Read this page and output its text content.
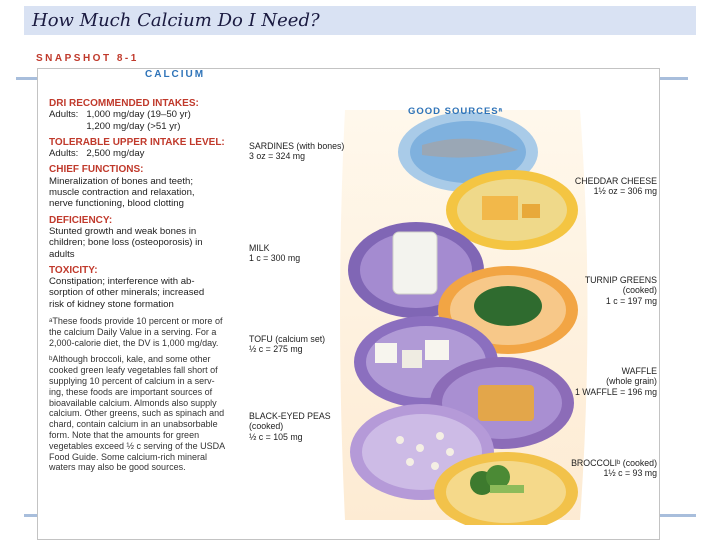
How Much Calcium Do I Need?
SNAPSHOT 8-1
CALCIUM
DRI RECOMMENDED INTAKES:
Adults:   1,000 mg/day (19–50 yr)
1,200 mg/day (>51 yr)
TOLERABLE UPPER INTAKE LEVEL:
Adults:   2,500 mg/day
CHIEF FUNCTIONS:
Mineralization of bones and teeth;
muscle contraction and relaxation,
nerve functioning, blood clotting
DEFICIENCY:
Stunted growth and weak bones in
children; bone loss (osteoporosis) in
adults
TOXICITY:
Constipation; interference with ab-
sorption of other minerals; increased
risk of kidney stone formation
ᵃThese foods provide 10 percent or more of
the calcium Daily Value in a serving. For a
2,000-calorie diet, the DV is 1,000 mg/day.
ᵇAlthough broccoli, kale, and some other
cooked green leafy vegetables fall short of
supplying 10 percent of calcium in a serv-
ing, these foods are important sources of
bioavailable calcium. Almonds also supply
calcium. Other greens, such as spinach and
chard, contain calcium in an unabsorbable
form. Note that the amounts for green
vegetables exceed ½ c serving of the USDA
Food Guide. Some calcium-rich mineral
waters may also be good sources.
GOOD SOURCESᵃ
SARDINES (with bones)
3 oz = 324 mg
CHEDDAR CHEESE
1½ oz = 306 mg
MILK
1 c = 300 mg
TURNIP GREENS
(cooked)
1 c = 197 mg
TOFU (calcium set)
½ c = 275 mg
WAFFLE
(whole grain)
1 WAFFLE = 196 mg
BLACK-EYED PEAS
(cooked)
½ c = 105 mg
BROCCOLIᵇ (cooked)
1½ c = 93 mg
